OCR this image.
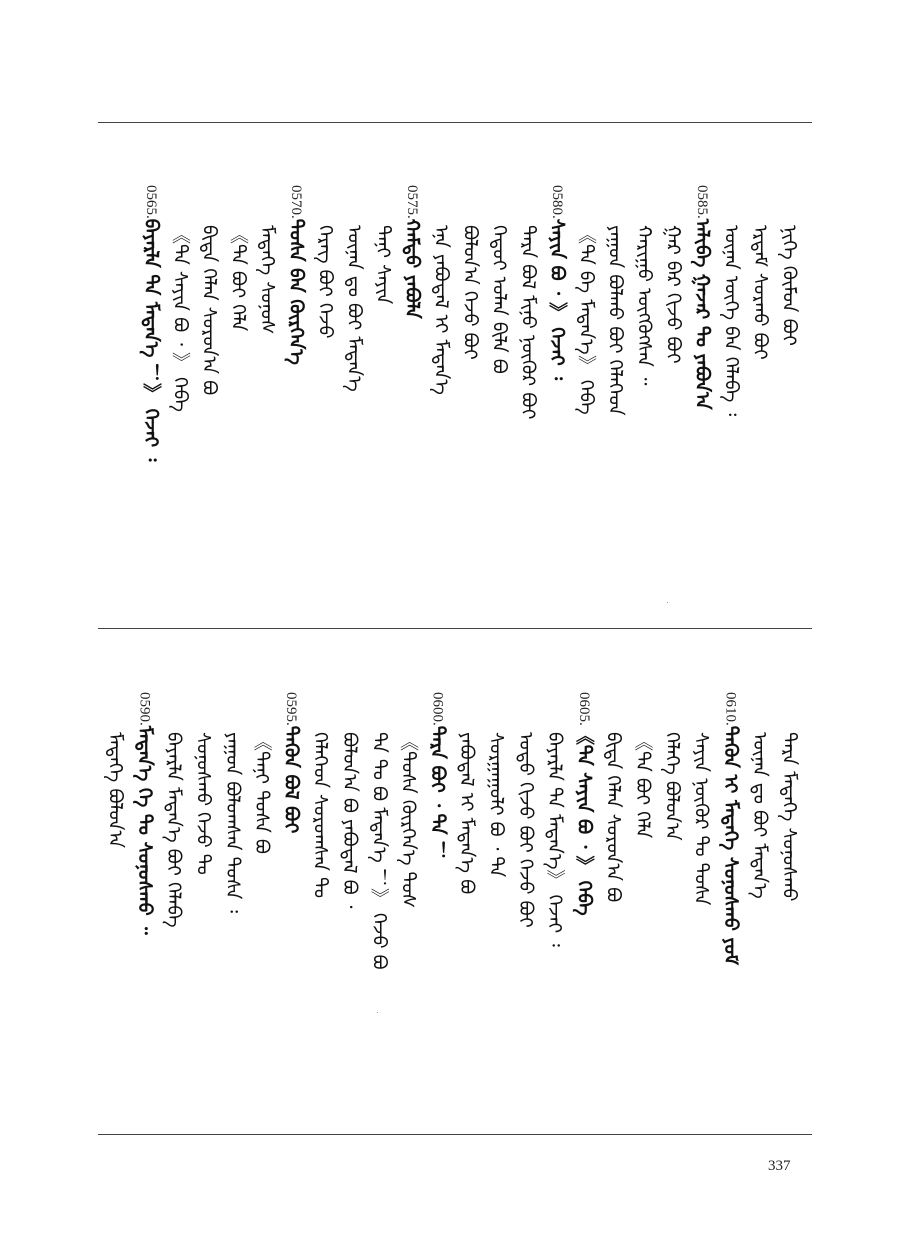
ᠨᠢᠭᠡ ᠬᠦᠮᠦᠨ ᠪᠤᠢ
ᠡᠷᠳᠡᠮ ᠰᠤᠷᠬᠤ ᠪᠤᠢ
ᠦᠨᠡᠨ ᠦᠭᠡ ᠪᠡᠨ ᠬᠡᠯᠡᠪᠡ ᠄
0585.ᠠᠯᠢᠪᠠ ᠭᠠᠵᠠᠷ ᠲᠤ ᠶᠠᠪᠤᠨ᠎ᠠ
ᠭᠠᠷ ᠪᠡᠷ ᠬᠢᠵᠦ ᠪᠤᠢ
ᠬᠠᠷᠢᠭᠤ ᠥᠭᠭᠦᠭᠰᠡᠨ ᠃
ᠶᠠᠭᠤᠨ ᠪᠤᠯᠬᠤ ᠪᠤᠢ ᠬᠡᠯᠡᠭᠡᠳ
《ᠲᠠ ᠪᠡ ᠮᠡᠳᠡᠨ᠎ᠡ》 ᠭᠡᠪᠡ
0580.ᠰᠠᠶᠢᠨ ᠪᠤ ᠂ 》 ᠭᠡᠵᠡᠢ ᠄
ᠲᠡᠷᠡ ᠪᠤᠯ ᠮᠢᠨᠦ ᠨᠥᠬᠦᠷ ᠪᠤᠢ
ᠬᠡᠳᠦᠢ ᠣᠯᠠᠨ ᠪᠢᠯᠡ ᠪᠤ
ᠪᠣᠯᠤᠨ᠎ᠠ ᠭᠡᠵᠦ ᠪᠤᠢ
ᠡᠨᠡ ᠶᠠᠪᠤᠳᠠᠯ ᠢ ᠮᠡᠳᠡᠨ᠎ᠡ
0575.ᠬᠠᠮᠲᠤ ᠶᠠᠪᠤᠯᠠ
ᠲᠠᠨᠢ ᠰᠠᠶᠢᠨ
ᠦᠨᠡᠨ ᠳᠤ ᠪᠤᠢ ᠮᠡᠳᠡᠨ᠎ᠡ
ᠬᠡᠷᠡᠭ ᠪᠤᠢ ᠭᠡᠵᠦ
0570.ᠲᠤᠰᠠ ᠪᠠᠨ ᠬᠦᠷᠭᠡᠨ᠎ᠡ
ᠮᠡᠳᠡᠭᠡ ᠰᠣᠨᠣᠰ
《ᠲᠠ ᠪᠤᠢ ᠬᠡᠯᠡ
ᠪᠢᠳᠡ ᠬᠡᠯᠡᠨ ᠰᠤᠷᠤᠨ᠎ᠠ ᠪᠤ
《ᠲᠠ ᠰᠠᠶᠢᠨ ᠪᠤ ᠂ 》 ᠭᠡᠪᠡ
0565.ᠪᠠᠶᠠᠷᠯᠠ ᠲᠠ ᠮᠡᠳᠡᠨ᠎ᠡ ！》 ᠭᠡᠵᠡᠢ ᠄
ᠲᠡᠷᠡ ᠮᠡᠳᠡᠭᠡ ᠰᠣᠨᠣᠰᠬᠤ
ᠦᠨᠡᠨ ᠳᠤ ᠪᠤᠢ ᠮᠡᠳᠡᠨ᠎ᠡ
0610.ᠲᠡᠭᠦᠨ ᠢ ᠮᠡᠳᠡᠭᠡ ᠰᠣᠨᠣᠰᠬᠤ ᠶᠤᠮ
ᠰᠠᠶᠢᠨ ᠨᠥᠬᠦᠷ ᠲᠤ ᠲᠤᠰᠠ
ᠬᠡᠯᠡᠭᠡ ᠪᠣᠯᠤᠨ᠎ᠠ
《ᠲᠠ ᠪᠤᠢ ᠬᠡᠯᠡ
ᠪᠢᠳᠡ ᠬᠡᠯᠡᠨ ᠰᠤᠷᠤᠨ᠎ᠠ ᠪᠤ
0605.《ᠲᠠ ᠰᠠᠶᠢᠨ ᠪᠤ ᠂ 》 ᠭᠡᠪᠡ
ᠪᠠᠶᠠᠷᠯᠠ ᠲᠠ ᠮᠡᠳᠡᠨ᠎ᠡ》 ᠭᠡᠵᠡᠢ ᠄
ᠣᠳᠣ ᠬᠢᠵᠦ ᠪᠤᠢ ᠭᠡᠵᠦ ᠪᠤᠢ
ᠰᠤᠷᠭᠠᠭᠤᠯᠢ ᠪᠤ ᠂ ᠲᠠ
ᠶᠠᠪᠤᠳᠠᠯ ᠢ ᠮᠡᠳᠡᠨ᠎ᠡ ᠪᠤ
0600.ᠲᠡᠷᠡ ᠪᠤᠢ ᠂ ᠲᠠ ！
《ᠲᠤᠰᠠ ᠬᠦᠷᠭᠡᠨ᠎ᠡ ᠲᠤᠰ
ᠲᠠ ᠲᠤ ᠪᠤ ᠮᠡᠳᠡᠨ᠎ᠡ ！》 ᠭᠡᠵᠦ ᠪᠤ
ᠪᠣᠯᠤᠨ᠎ᠠ ᠪᠤ ᠶᠠᠪᠤᠳᠠᠯ ᠪᠤ ᠂
ᠬᠡᠯᠡᠭᠡᠳ ᠰᠤᠷᠤᠭᠰᠠᠨ ᠲᠤ
0595.ᠲᠡᠭᠦᠨ ᠪᠤᠯ ᠪᠤᠢ
《ᠲᠠᠨᠢ ᠲᠤᠰᠠ ᠪᠤ
ᠶᠠᠭᠤᠨ ᠪᠣᠯᠤᠭᠰᠠᠨ ᠲᠤᠰᠠ ᠄
ᠰᠣᠨᠣᠰᠬᠤ ᠭᠡᠵᠦ ᠲᠤ
ᠪᠠᠶᠠᠷᠯᠠ ᠮᠡᠳᠡᠨ᠎ᠡ ᠪᠤᠢ ᠬᠡᠯᠡᠪᠡ
0590.ᠮᠡᠳᠡᠨ᠎ᠡ ᠭᠡ ᠲᠤ ᠰᠣᠨᠣᠰᠬᠤ ᠃
ᠮᠡᠳᠡᠭᠡ ᠪᠣᠯᠤᠨ᠎ᠠ
337
